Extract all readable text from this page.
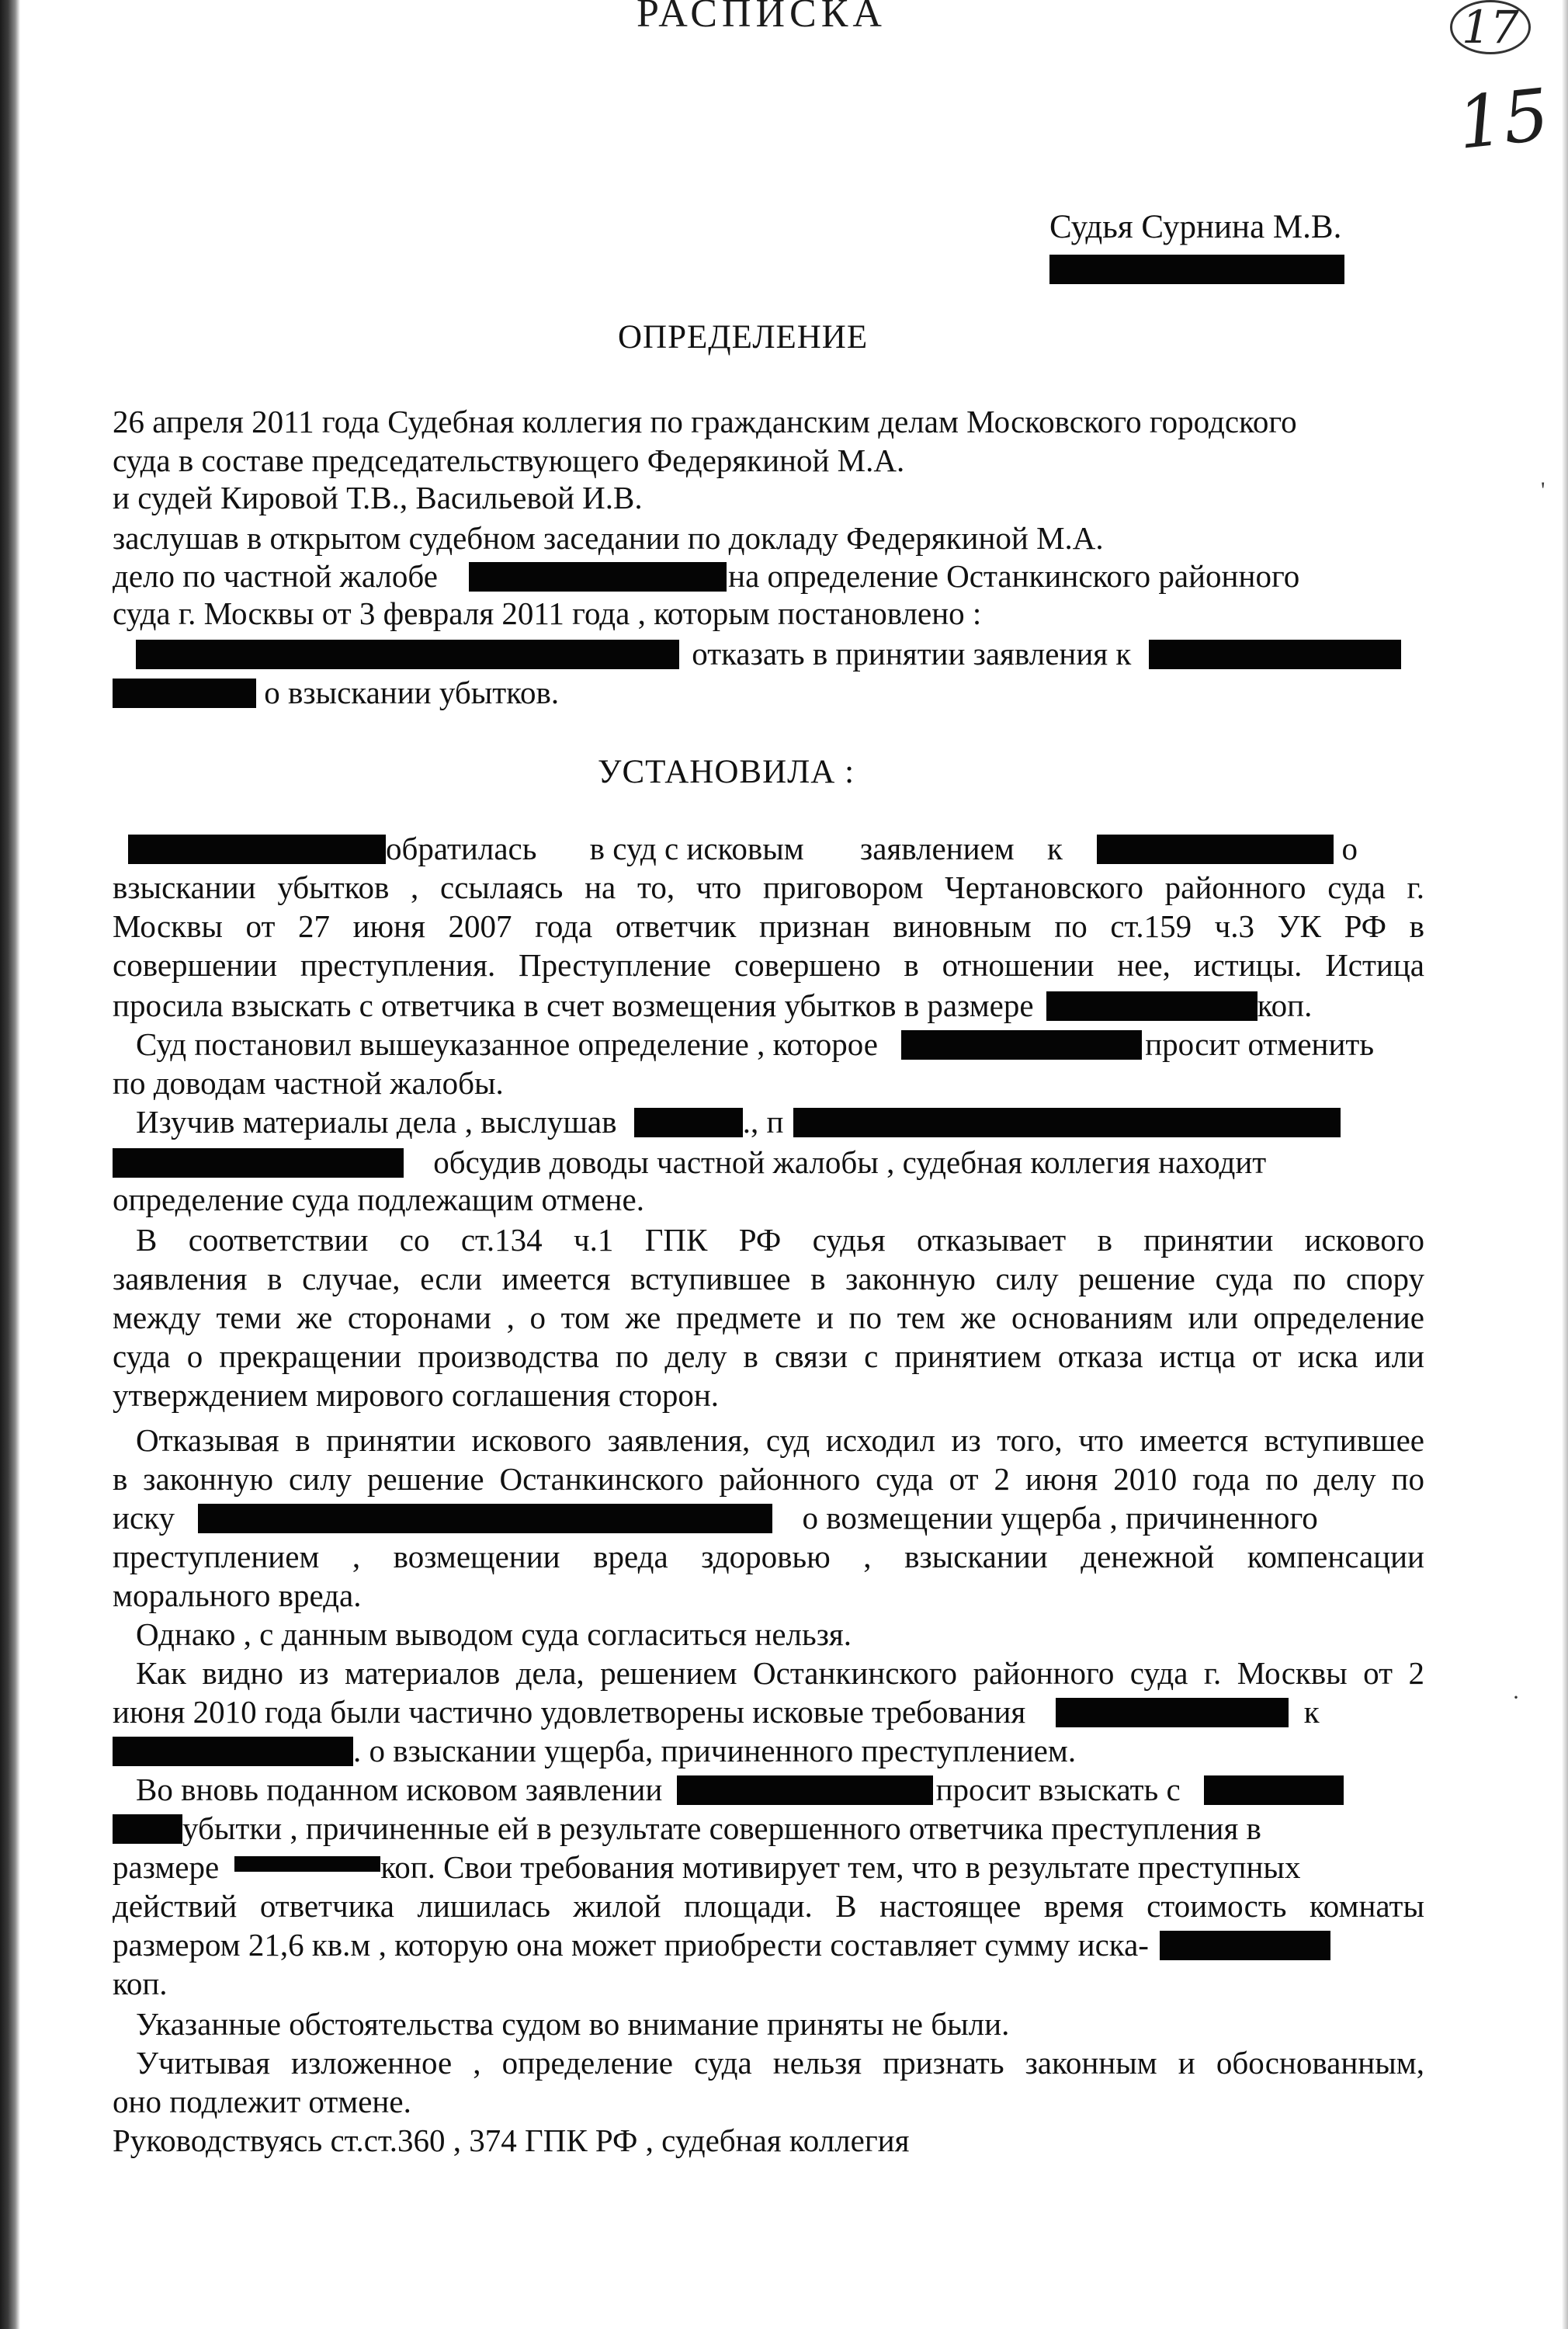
РАСПИСКА	17
15
Судья Сурнина М.В.
ОПРЕДЕЛЕНИЕ
26 апреля 2011 года Судебная коллегия по гражданским делам Московского городского
суда в составе председательствующего Федерякиной М.А.
и судей Кировой Т.В., Васильевой И.В.
заслушав в открытом судебном заседании по докладу Федерякиной М.А.
дело по частной жалобе	на определение Останкинского районного
суда г. Москвы от 3 февраля 2011 года , которым постановлено :
отказать в принятии заявления к
о взыскании убытков.
УСТАНОВИЛА :
обратилась в суд с исковым заявлением к	о
взыскании убытков , ссылаясь на то, что приговором Чертановского районного суда г.
Москвы от 27 июня 2007 года ответчик признан виновным по ст.159 ч.3 УК РФ в
совершении преступления. Преступление совершено в отношении нее, истицы. Истица
просила взыскать с ответчика в счет возмещения убытков в размере	коп.
Суд постановил вышеуказанное определение , которое	просит отменить
по доводам частной жалобы.
Изучив материалы дела , выслушав	., п
обсудив доводы частной жалобы , судебная коллегия находит
определение суда подлежащим отмене.
В соответствии со ст.134 ч.1 ГПК РФ судья отказывает в принятии искового
заявления в случае, если имеется вступившее в законную силу решение суда по спору
между теми же сторонами , о том же предмете и по тем же основаниям или определение
суда о прекращении производства по делу в связи с принятием отказа истца от иска или
утверждением мирового соглашения сторон.
Отказывая в принятии искового заявления, суд исходил из того, что имеется вступившее
в законную силу решение Останкинского районного суда от 2 июня 2010 года по делу по
иску	о возмещении ущерба , причиненного
преступлением , возмещении вреда здоровью , взыскании денежной компенсации
морального вреда.
Однако , с данным выводом суда согласиться нельзя.
Как видно из материалов дела, решением Останкинского районного суда г. Москвы от 2
июня 2010 года были частично удовлетворены исковые требования	к
. о взыскании ущерба, причиненного преступлением.
Во вновь поданном исковом заявлении	просит взыскать с
убытки , причиненные ей в результате совершенного ответчика преступления в
размере	коп. Свои требования мотивирует тем, что в результате преступных
действий ответчика лишилась жилой площади. В настоящее время стоимость комнаты
размером 21,6 кв.м , которую она может приобрести составляет сумму иска-
коп.
Указанные обстоятельства судом во внимание приняты не были.
Учитывая изложенное , определение суда нельзя признать законным и обоснованным,
оно подлежит отмене.
Руководствуясь ст.ст.360 , 374 ГПК РФ , судебная коллегия
'
·
